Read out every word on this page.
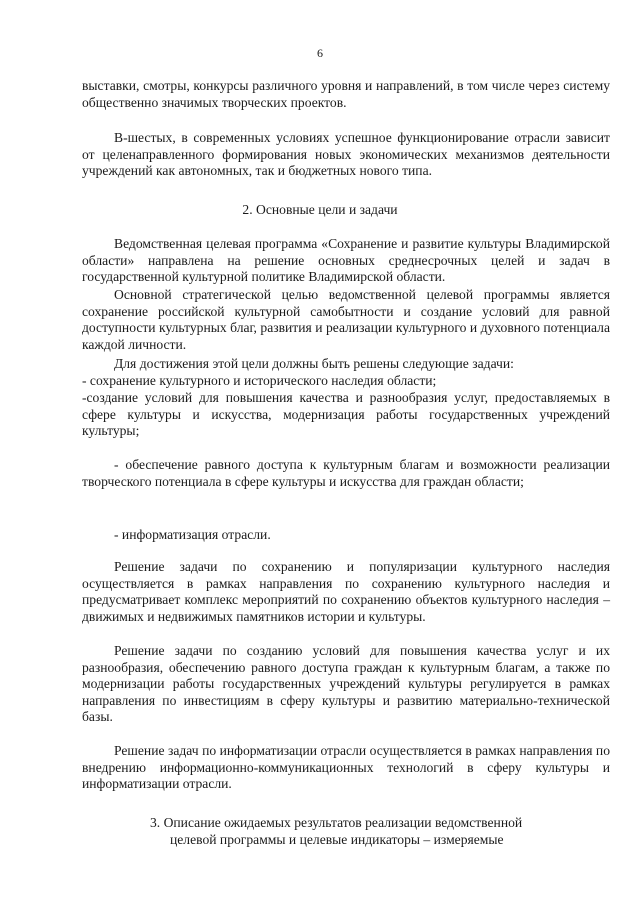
6

выставки, смотры, конкурсы различного уровня и направлений, в том числе через систему общественно значимых творческих проектов.

В-шестых, в современных условиях успешное функционирование отрасли зависит от целенаправленного формирования новых экономических механизмов деятельности учреждений как автономных, так и бюджетных нового типа.

2. Основные цели и задачи

Ведомственная целевая программа «Сохранение и развитие культуры Владимирской области» направлена на решение основных среднесрочных целей и задач в государственной культурной политике Владимирской области.

Основной стратегической целью ведомственной целевой программы является сохранение российской культурной самобытности и создание условий для равной доступности культурных благ, развития и реализации культурного и духовного потенциала каждой личности.

Для достижения этой цели должны быть решены следующие задачи:

- сохранение культурного и исторического наследия области;

-создание условий для повышения качества и разнообразия услуг, предоставляемых в сфере культуры и искусства, модернизация работы государственных учреждений культуры;

- обеспечение равного доступа к культурным благам и возможности реализации творческого потенциала в сфере культуры и искусства для граждан области;

- информатизация отрасли.

Решение задачи по сохранению и популяризации культурного наследия осуществляется в рамках направления по сохранению культурного наследия и предусматривает комплекс мероприятий по сохранению объектов культурного наследия – движимых и недвижимых памятников истории и культуры.

Решение задачи по созданию условий для повышения качества услуг и их разнообразия, обеспечению равного доступа граждан к культурным благам, а также по модернизации работы государственных учреждений культуры регулируется в рамках направления по инвестициям в сферу культуры и развитию материально-технической базы.

Решение задач по информатизации отрасли осуществляется в рамках направления по внедрению информационно-коммуникационных технологий в сферу культуры и информатизации отрасли.

3. Описание ожидаемых результатов реализации ведомственной
целевой программы и целевые индикаторы – измеряемые
